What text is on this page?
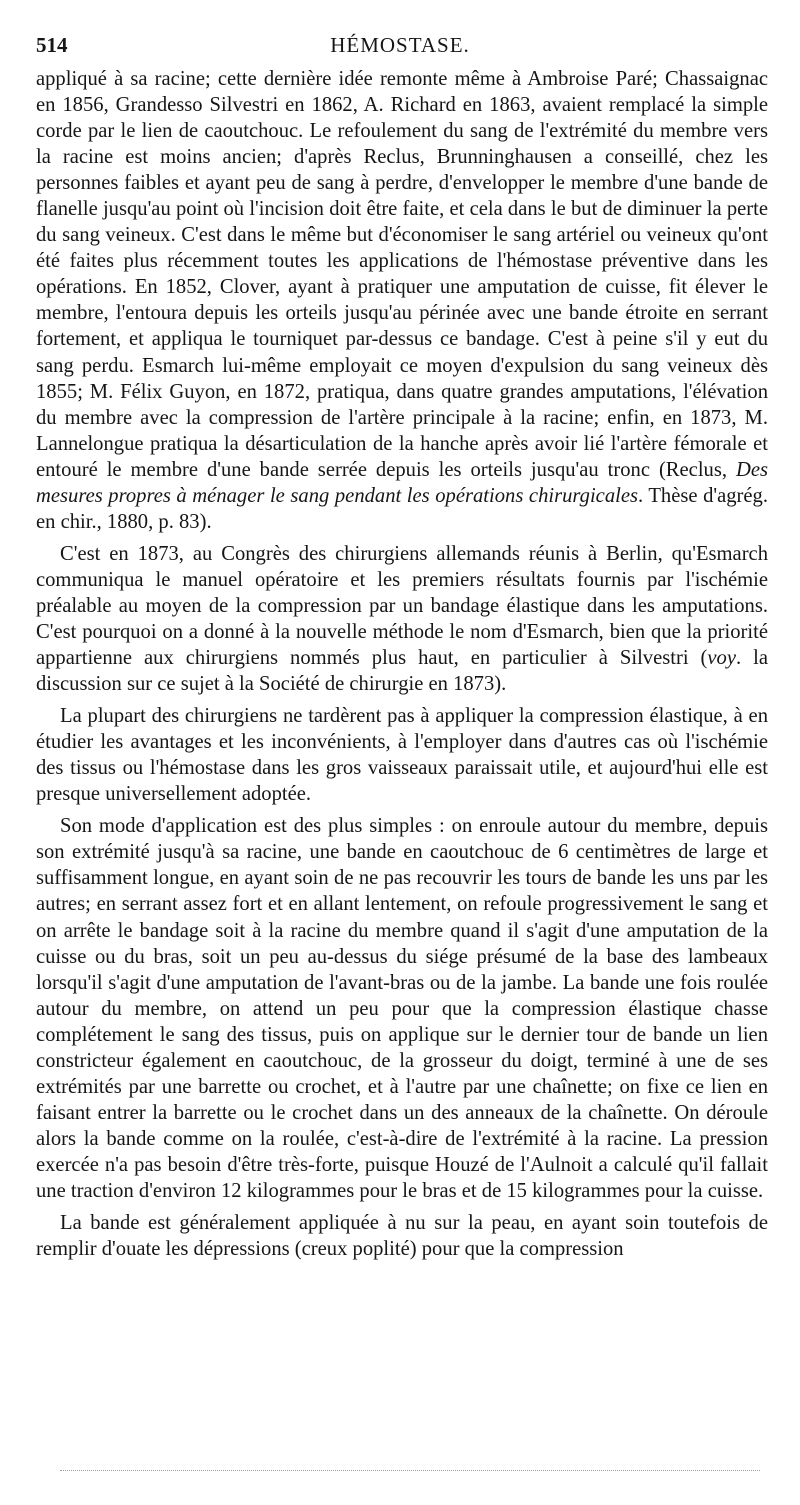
514	HÉMOSTASE.

appliqué à sa racine; cette dernière idée remonte même à Ambroise Paré; Chassaignac en 1856, Grandesso Silvestri en 1862, A. Richard en 1863, avaient remplacé la simple corde par le lien de caoutchouc. Le refoulement du sang de l'extrémité du membre vers la racine est moins ancien; d'après Reclus, Brunninghausen a conseillé, chez les personnes faibles et ayant peu de sang à perdre, d'envelopper le membre d'une bande de flanelle jusqu'au point où l'incision doit être faite, et cela dans le but de diminuer la perte du sang veineux. C'est dans le même but d'économiser le sang artériel ou veineux qu'ont été faites plus récemment toutes les applications de l'hémostase préventive dans les opérations. En 1852, Clover, ayant à pratiquer une amputation de cuisse, fit élever le membre, l'entoura depuis les orteils jusqu'au périnée avec une bande étroite en serrant fortement, et appliqua le tourniquet par-dessus ce bandage. C'est à peine s'il y eut du sang perdu. Esmarch lui-même employait ce moyen d'expulsion du sang veineux dès 1855; M. Félix Guyon, en 1872, pratiqua, dans quatre grandes amputations, l'élévation du membre avec la compression de l'artère principale à la racine; enfin, en 1873, M. Lannelongue pratiqua la désarticulation de la hanche après avoir lié l'artère fémorale et entouré le membre d'une bande serrée depuis les orteils jusqu'au tronc (Reclus, Des mesures propres à ménager le sang pendant les opérations chirurgicales. Thèse d'agrég. en chir., 1880, p. 83).

C'est en 1873, au Congrès des chirurgiens allemands réunis à Berlin, qu'Esmarch communiqua le manuel opératoire et les premiers résultats fournis par l'ischémie préalable au moyen de la compression par un bandage élastique dans les amputations. C'est pourquoi on a donné à la nouvelle méthode le nom d'Esmarch, bien que la priorité appartienne aux chirurgiens nommés plus haut, en particulier à Silvestri (voy. la discussion sur ce sujet à la Société de chirurgie en 1873).

La plupart des chirurgiens ne tardèrent pas à appliquer la compression élastique, à en étudier les avantages et les inconvénients, à l'employer dans d'autres cas où l'ischémie des tissus ou l'hémostase dans les gros vaisseaux paraissait utile, et aujourd'hui elle est presque universellement adoptée.

Son mode d'application est des plus simples : on enroule autour du membre, depuis son extrémité jusqu'à sa racine, une bande en caoutchouc de 6 centimètres de large et suffisamment longue, en ayant soin de ne pas recouvrir les tours de bande les uns par les autres; en serrant assez fort et en allant lentement, on refoule progressivement le sang et on arrête le bandage soit à la racine du membre quand il s'agit d'une amputation de la cuisse ou du bras, soit un peu au-dessus du siége présumé de la base des lambeaux lorsqu'il s'agit d'une amputation de l'avant-bras ou de la jambe. La bande une fois roulée autour du membre, on attend un peu pour que la compression élastique chasse complétement le sang des tissus, puis on applique sur le dernier tour de bande un lien constricteur également en caoutchouc, de la grosseur du doigt, terminé à une de ses extrémités par une barrette ou crochet, et à l'autre par une chaînette; on fixe ce lien en faisant entrer la barrette ou le crochet dans un des anneaux de la chaînette. On déroule alors la bande comme on la roulée, c'est-à-dire de l'extrémité à la racine. La pression exercée n'a pas besoin d'être très-forte, puisque Houzé de l'Aulnoit a calculé qu'il fallait une traction d'environ 12 kilogrammes pour le bras et de 15 kilogrammes pour la cuisse.

La bande est généralement appliquée à nu sur la peau, en ayant soin toutefois de remplir d'ouate les dépressions (creux poplité) pour que la compression
